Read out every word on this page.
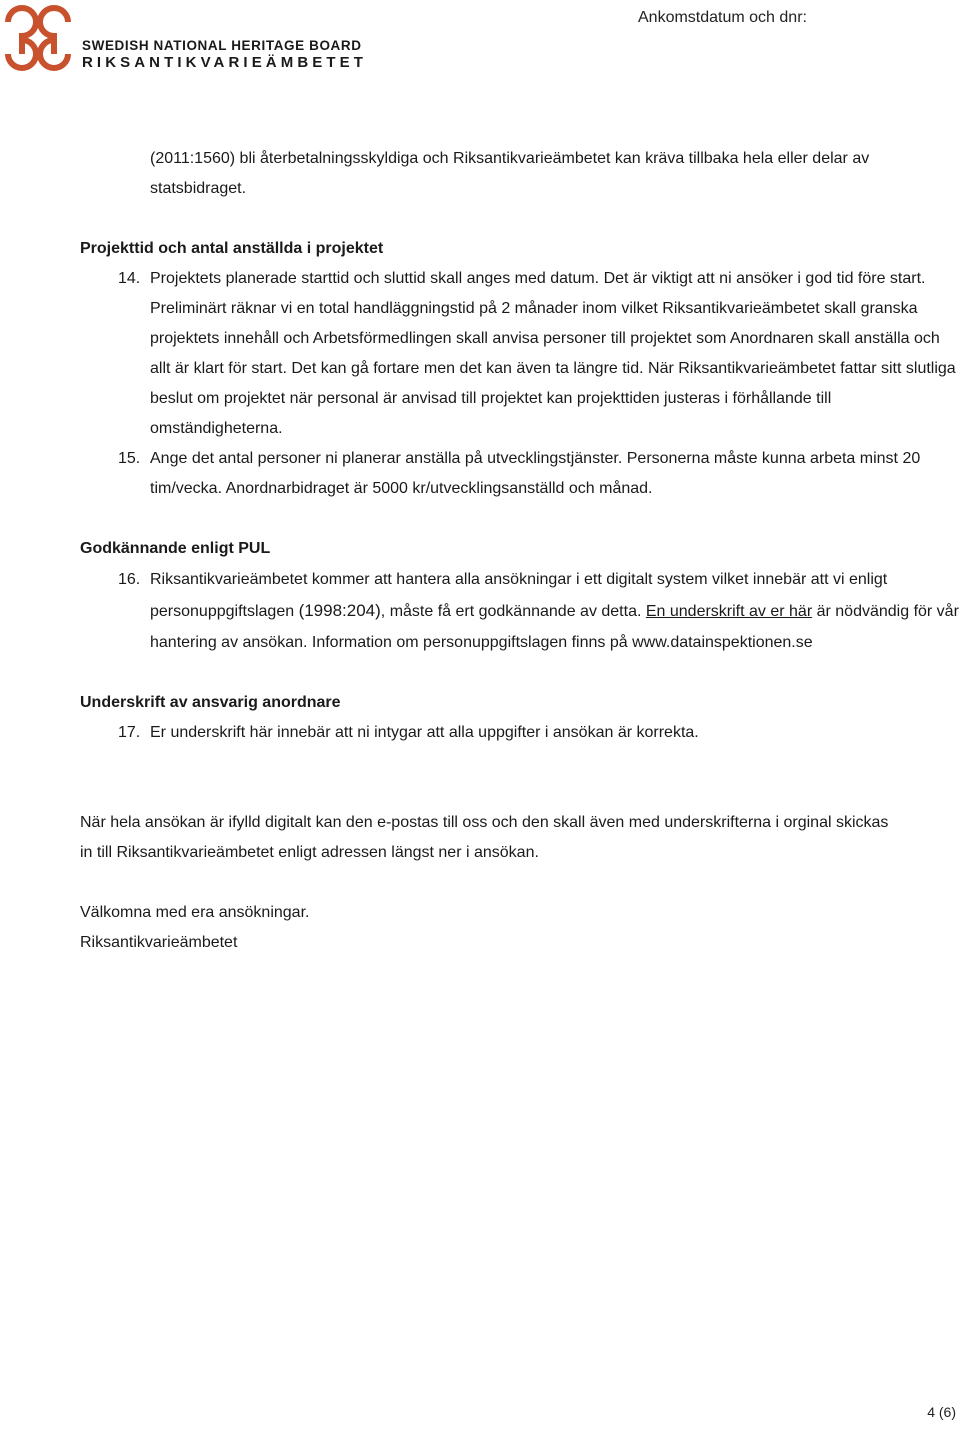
SWEDISH NATIONAL HERITAGE BOARD
RIKSANTIKVARIEÄMBETET
Ankomstdatum och dnr:

(2011:1560) bli återbetalningsskyldiga och Riksantikvarieämbetet kan kräva tillbaka hela eller delar av statsbidraget.

Projekttid och antal anställda i projektet

14. Projektets planerade starttid och sluttid skall anges med datum. Det är viktigt att ni ansöker i god tid före start. Preliminärt räknar vi en total handläggningstid på 2 månader inom vilket Riksantikvarieämbetet skall granska projektets innehåll och Arbetsförmedlingen skall anvisa personer till projektet som Anordnaren skall anställa och allt är klart för start. Det kan gå fortare men det kan även ta längre tid. När Riksantikvarieämbetet fattar sitt slutliga beslut om projektet när personal är anvisad till projektet kan projekttiden justeras i förhållande till omständigheterna.

15. Ange det antal personer ni planerar anställa på utvecklingstjänster. Personerna måste kunna arbeta minst 20 tim/vecka. Anordnarbidraget är 5000 kr/utvecklingsanställd och månad.

Godkännande enligt PUL

16. Riksantikvarieämbetet kommer att hantera alla ansökningar i ett digitalt system vilket innebär att vi enligt personuppgiftslagen (1998:204), måste få ert godkännande av detta. En underskrift av er här är nödvändig för vår hantering av ansökan. Information om personuppgiftslagen finns på www.datainspektionen.se

Underskrift av ansvarig anordnare

17. Er underskrift här innebär att ni intygar att alla uppgifter i ansökan är korrekta.

När hela ansökan är ifylld digitalt kan den e-postas till oss och den skall även med underskrifterna i orginal skickas in till Riksantikvarieämbetet enligt adressen längst ner i ansökan.

Välkomna med era ansökningar.

Riksantikvarieämbetet

4 (6)
